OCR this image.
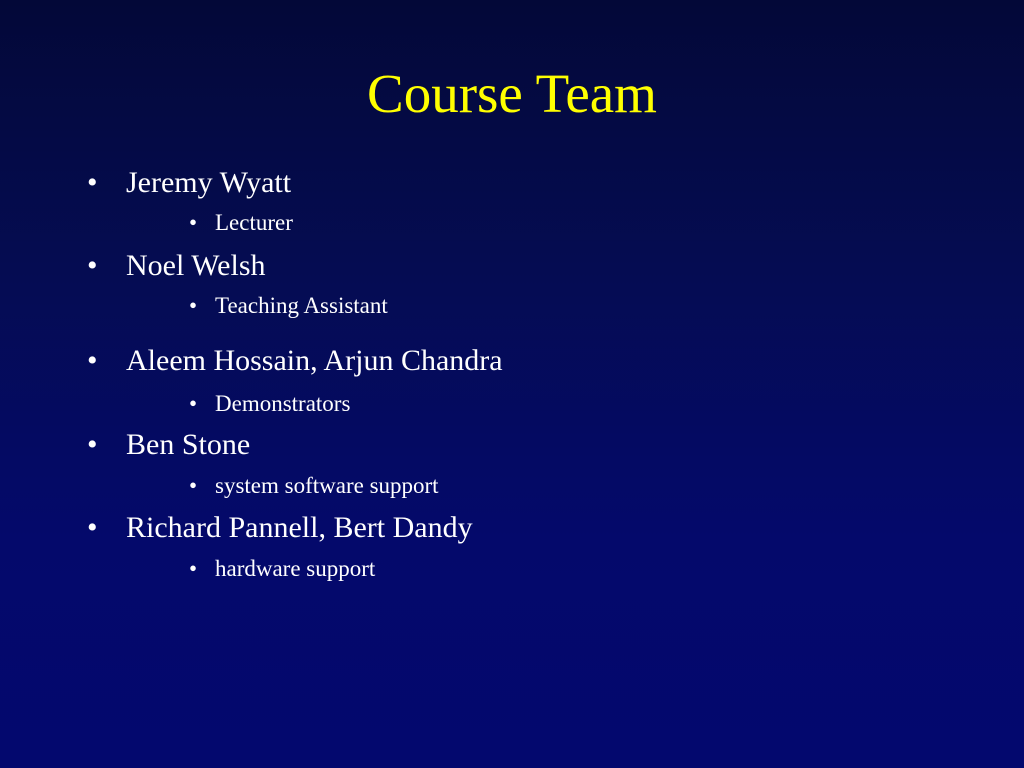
Course Team
• Jeremy Wyatt
• Lecturer
• Noel Welsh
• Teaching Assistant
• Aleem Hossain, Arjun Chandra
• Demonstrators
• Ben Stone
• system software support
• Richard Pannell, Bert Dandy
• hardware support
